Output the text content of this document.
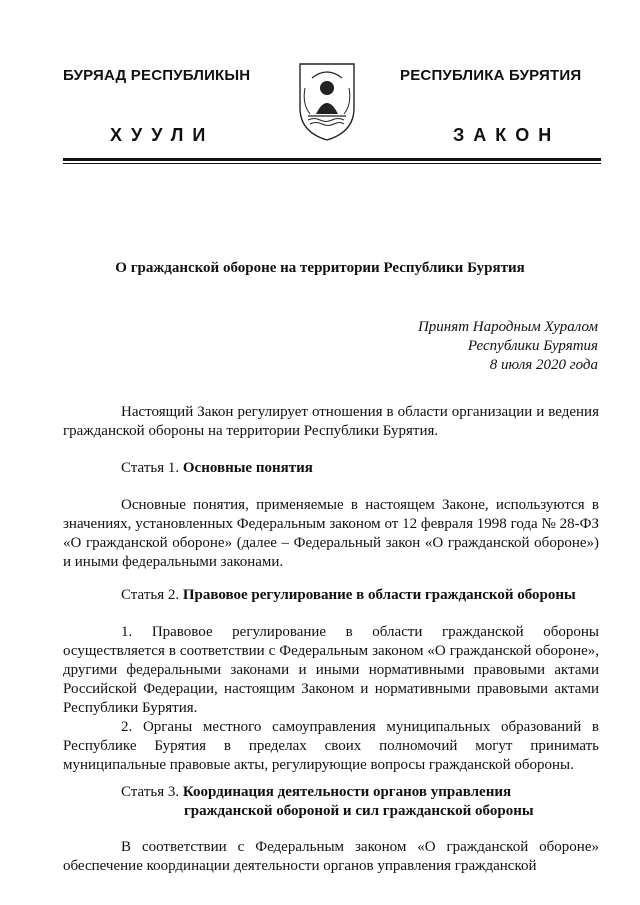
БУРЯАД РЕСПУБЛИКЫН
ХУУЛИ
РЕСПУБЛИКА БУРЯТИЯ
ЗАКОН
О гражданской обороне на территории Республики Бурятия
Принят Народным Хуралом
Республики Бурятия
8 июля 2020 года

Настоящий Закон регулирует отношения в области организации и ведения гражданской обороны на территории Республики Бурятия.

Статья 1. Основные понятия

Основные понятия, применяемые в настоящем Законе, используются в значениях, установленных Федеральным законом от 12 февраля 1998 года № 28-ФЗ «О гражданской обороне» (далее – Федеральный закон «О гражданской обороне») и иными федеральными законами.

Статья 2. Правовое регулирование в области гражданской обороны

1. Правовое регулирование в области гражданской обороны осуществляется в соответствии с Федеральным законом «О гражданской обороне», другими федеральными законами и иными нормативными правовыми актами Российской Федерации, настоящим Законом и нормативными правовыми актами Республики Бурятия.

2. Органы местного самоуправления муниципальных образований в Республике Бурятия в пределах своих полномочий могут принимать муниципальные правовые акты, регулирующие вопросы гражданской обороны.

Статья 3. Координация деятельности органов управления
гражданской обороной и сил гражданской обороны

В соответствии с Федеральным законом «О гражданской обороне» обеспечение координации деятельности органов управления гражданской
